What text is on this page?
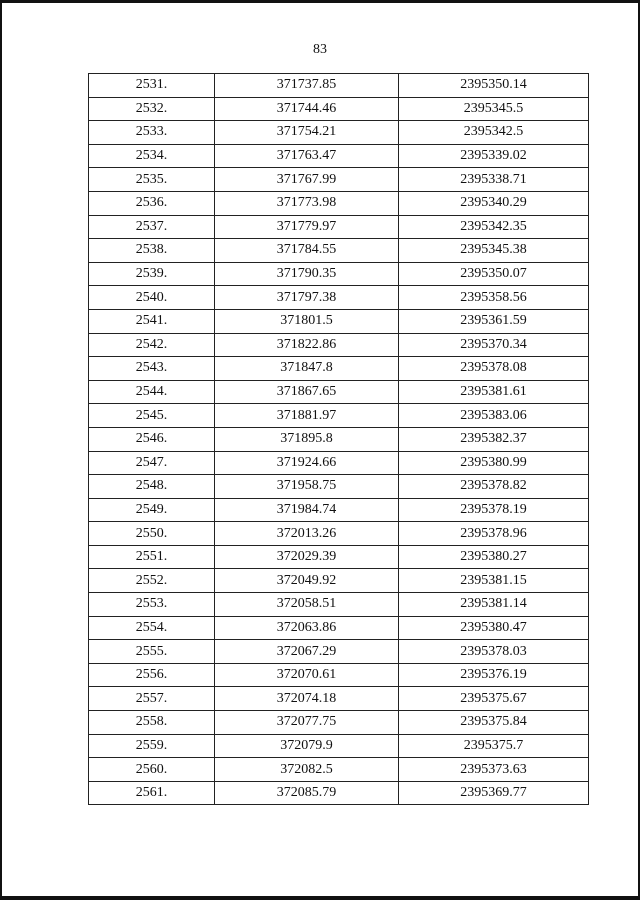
83
2531.	371737.85	2395350.14
2532.	371744.46	2395345.5
2533.	371754.21	2395342.5
2534.	371763.47	2395339.02
2535.	371767.99	2395338.71
2536.	371773.98	2395340.29
2537.	371779.97	2395342.35
2538.	371784.55	2395345.38
2539.	371790.35	2395350.07
2540.	371797.38	2395358.56
2541.	371801.5	2395361.59
2542.	371822.86	2395370.34
2543.	371847.8	2395378.08
2544.	371867.65	2395381.61
2545.	371881.97	2395383.06
2546.	371895.8	2395382.37
2547.	371924.66	2395380.99
2548.	371958.75	2395378.82
2549.	371984.74	2395378.19
2550.	372013.26	2395378.96
2551.	372029.39	2395380.27
2552.	372049.92	2395381.15
2553.	372058.51	2395381.14
2554.	372063.86	2395380.47
2555.	372067.29	2395378.03
2556.	372070.61	2395376.19
2557.	372074.18	2395375.67
2558.	372077.75	2395375.84
2559.	372079.9	2395375.7
2560.	372082.5	2395373.63
2561.	372085.79	2395369.77
